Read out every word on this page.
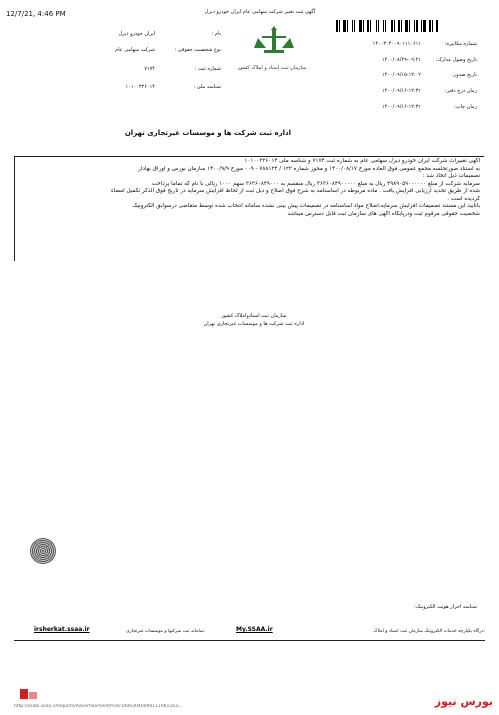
12/7/21, 4:46 PM	آگهی ثبت تغییر شرکت سهامی عام ایران خودرو دیزل
سازمان ثبت اسناد و املاک کشور
شماره مکانیزه:
۱۴۰۰۳۰۴۰۰۹۰۱۱۱۰۶۱۱
تاریخ وصول مدارک:
۱۴۰۰/۰۸/۲۹-۰۹:۲۱
تاریخ صدور:
۱۴۰۰/۰۹/۱۵-۱۲:۰۲
زمان درج دفتر:
۱۴۰۰/۰۹/۱۶-۱۲:۳۱
زمان چاپ:
۱۴۰۰/۰۹/۱۶-۱۲:۳۱
نام :
ایران خودرو دیزل
نوع شخصیت حقوقی :
شرکت سهامی عام
شماره ثبت :
۷۱۷۴
شناسه ملی :
۱۰۱۰۰۳۲۶۰۱۴
اداره ثبت شرکت ها و موسسات غیرتجاری تهران
آگهی تغییرات شرکت ایران خودرو دیزل سهامی عام به شماره ثبت ۷۱۷۴ و شناسه ملی ۱۰۱۰۰۳۲۶۰۱۴
به استناد صورتجلسه مجمع عمومی فوق العاده مورخ ۱۴۰۰/۰۸/۱۷ و مجوز شماره ۱۲۲ / ۷۸۸۱۲۴ - ۰۰۹ مورخ ۱۴۰۰/۹/۹ سازمان بورس و اوراق بهادار
تصمیمات ذیل اتخاذ شد :
سرمایه شرکت از مبلغ ۴۹۸۹۰۵۹۰۰۰۰۰۰ ریال به مبلغ ۳۶۳۶۰۸۴۹۰۰۰۰۰ ریال منقسم به ۳۶۳۶۰۸۴۹۰۰۰ سهم ۱۰۰۰ ریالی با نام که تماما پرداخت
شده از طریق تجدید ارزیابی افزایش یافت . ماده مربوطه در اساسنامه به شرح فوق اصلاح و ذیل ثبت از لحاظ افزایش سرمایه در تاریخ فوق الذکر تکمیل امضاء
گردیده است .
باتایید این مستند تصمیمات افزایش سرمایه،اصلاح مواد اساسنامه در تصمیمات پیش بینی نشده سامانه انتخاب شده توسط متقاضی درسوابق الکترونیک
شخصیت حقوقی مرقوم ثبت ودرپایگاه آگهی های سازمان ثبت قابل دسترس میباشد
سازمان ثبت اسنادواملاک کشور
اداره ثبت شرکت ها و موسسات غیرتجاری تهران
شناسه احراز هویت الکترونیک:
درگاه یکپارچه خدمات الکترونیک سازمان ثبت اسناد و املاک:
My.SSAA.ir
سامانه ثبت شرکتها و موسسات غیرتجاری:
irsherkat.ssaa.ir
http://ssabi.ssaa.ir/Reports/AdvertisementPrint/14003040090111061163...	بورس نیوز
